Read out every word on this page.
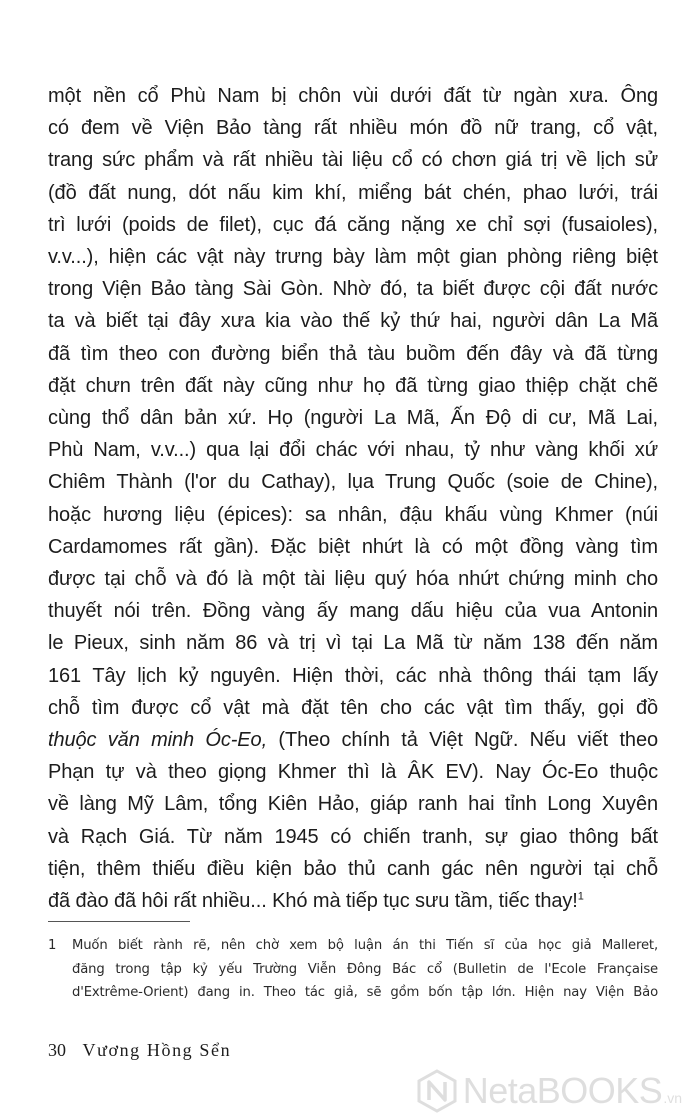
một nền cổ Phù Nam bị chôn vùi dưới đất từ ngàn xưa. Ông
có đem về Viện Bảo tàng rất nhiều món đồ nữ trang, cổ vật,
trang sức phẩm và rất nhiều tài liệu cổ có chơn giá trị về lịch sử
(đồ đất nung, dót nấu kim khí, miểng bát chén, phao lưới, trái
trì lưới (poids de filet), cục đá căng nặng xe chỉ sợi (fusaioles),
v.v...), hiện các vật này trưng bày làm một gian phòng riêng biệt
trong Viện Bảo tàng Sài Gòn. Nhờ đó, ta biết được cội đất nước
ta và biết tại đây xưa kia vào thế kỷ thứ hai, người dân La Mã
đã tìm theo con đường biển thả tàu buồm đến đây và đã từng
đặt chưn trên đất này cũng như họ đã từng giao thiệp chặt chẽ
cùng thổ dân bản xứ. Họ (người La Mã, Ấn Độ di cư, Mã Lai,
Phù Nam, v.v...) qua lại đổi chác với nhau, tỷ như vàng khối xứ
Chiêm Thành (l'or du Cathay), lụa Trung Quốc (soie de Chine),
hoặc hương liệu (épices): sa nhân, đậu khấu vùng Khmer (núi
Cardamomes rất gần). Đặc biệt nhứt là có một đồng vàng tìm
được tại chỗ và đó là một tài liệu quý hóa nhứt chứng minh cho
thuyết nói trên. Đồng vàng ấy mang dấu hiệu của vua Antonin
le Pieux, sinh năm 86 và trị vì tại La Mã từ năm 138 đến năm
161 Tây lịch kỷ nguyên. Hiện thời, các nhà thông thái tạm lấy
chỗ tìm được cổ vật mà đặt tên cho các vật tìm thấy, gọi đồ
thuộc văn minh Óc-Eo, (Theo chính tả Việt Ngữ. Nếu viết theo
Phạn tự và theo giọng Khmer thì là ÂK EV). Nay Óc-Eo thuộc
về làng Mỹ Lâm, tổng Kiên Hảo, giáp ranh hai tỉnh Long Xuyên
và Rạch Giá. Từ năm 1945 có chiến tranh, sự giao thông bất
tiện, thêm thiếu điều kiện bảo thủ canh gác nên người tại chỗ
đã đào đã hôi rất nhiều... Khó mà tiếp tục sưu tầm, tiếc thay!$^1$
1 Muốn biết rành rẽ, nên chờ xem bộ luận án thi Tiến sĩ của học giả Malleret,
đăng trong tập kỷ yếu Trường Viễn Đông Bác cổ (Bulletin de l'Ecole Française
d'Extrême-Orient) đang in. Theo tác giả, sẽ gồm bốn tập lớn. Hiện nay Viện Bảo
30 Vương Hồng Sển
NetaBOOKS .vn
